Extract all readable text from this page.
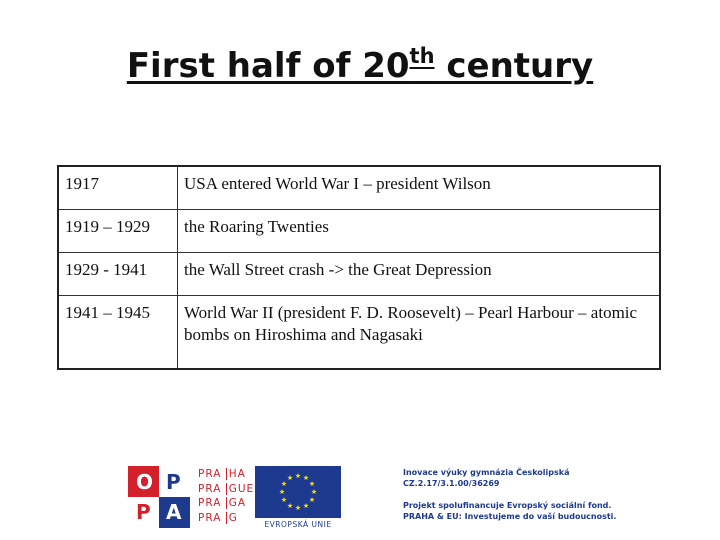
First half of 20th century
1917	USA entered World War I – president Wilson
1919 – 1929	the Roaring Twenties
1929 - 1941	the Wall Street crash -> the Great Depression
1941 – 1945	World War II (president F. D. Roosevelt) – Pearl Harbour – atomic bombs on Hiroshima and Nagasaki
O P
P A
PRA HA
PRA GUE
PRA GA
PRA G
★ ★
★
★
★
★
★
★
★
★
★
★
EVROPSKÁ UNIE

Inovace výuky gymnázia Českolipská
CZ.2.17/3.1.00/36269

Projekt spolufinancuje Evropský sociální fond.
PRAHA & EU: Investujeme do vaší budoucnosti.
